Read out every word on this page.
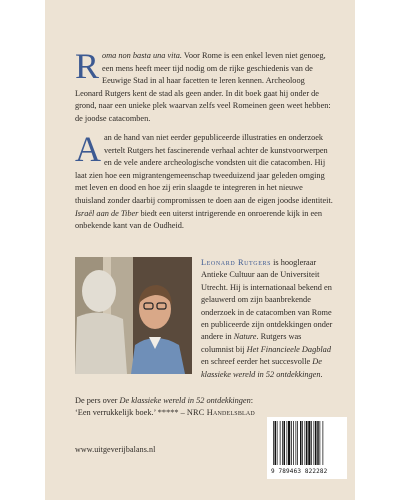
Roma non basta una vita. Voor Rome is een enkel leven niet genoeg, een mens heeft meer tijd nodig om de rijke geschiedenis van de Eeuwige Stad in al haar facetten te leren kennen. Archeoloog Leonard Rutgers kent de stad als geen ander. In dit boek gaat hij onder de grond, naar een unieke plek waarvan zelfs veel Romeinen geen weet hebben: de joodse catacomben.

Aan de hand van niet eerder gepubliceerde illustraties en onderzoek vertelt Rutgers het fascinerende verhaal achter de kunstvoorwerpen en de vele andere archeologische vondsten uit die catacomben. Hij laat zien hoe een migrantengemeenschap tweeduizend jaar geleden omging met leven en dood en hoe zij erin slaagde te integreren in het nieuwe thuisland zonder daarbij compromissen te doen aan de eigen joodse identiteit. Israël aan de Tiber biedt een uiterst intrigerende en onroerende kijk in een onbekende kant van de Oudheid.

Leonard Rutgers is hoogleraar Antieke Cultuur aan de Universiteit Utrecht. Hij is internationaal bekend en gelauwerd om zijn baanbrekende onderzoek in de catacomben van Rome en publiceerde zijn ontdekkingen onder andere in Nature. Rutgers was columnist bij Het Financieele Dagblad en schreef eerder het succesvolle De klassieke wereld in 52 ontdekkingen.

De pers over De klassieke wereld in 52 ontdekkingen:

‘Een verrukkelijk boek.’ ***** – NRC Handelsblad

www.uitgeverijbalans.nl
9 789463 822282
